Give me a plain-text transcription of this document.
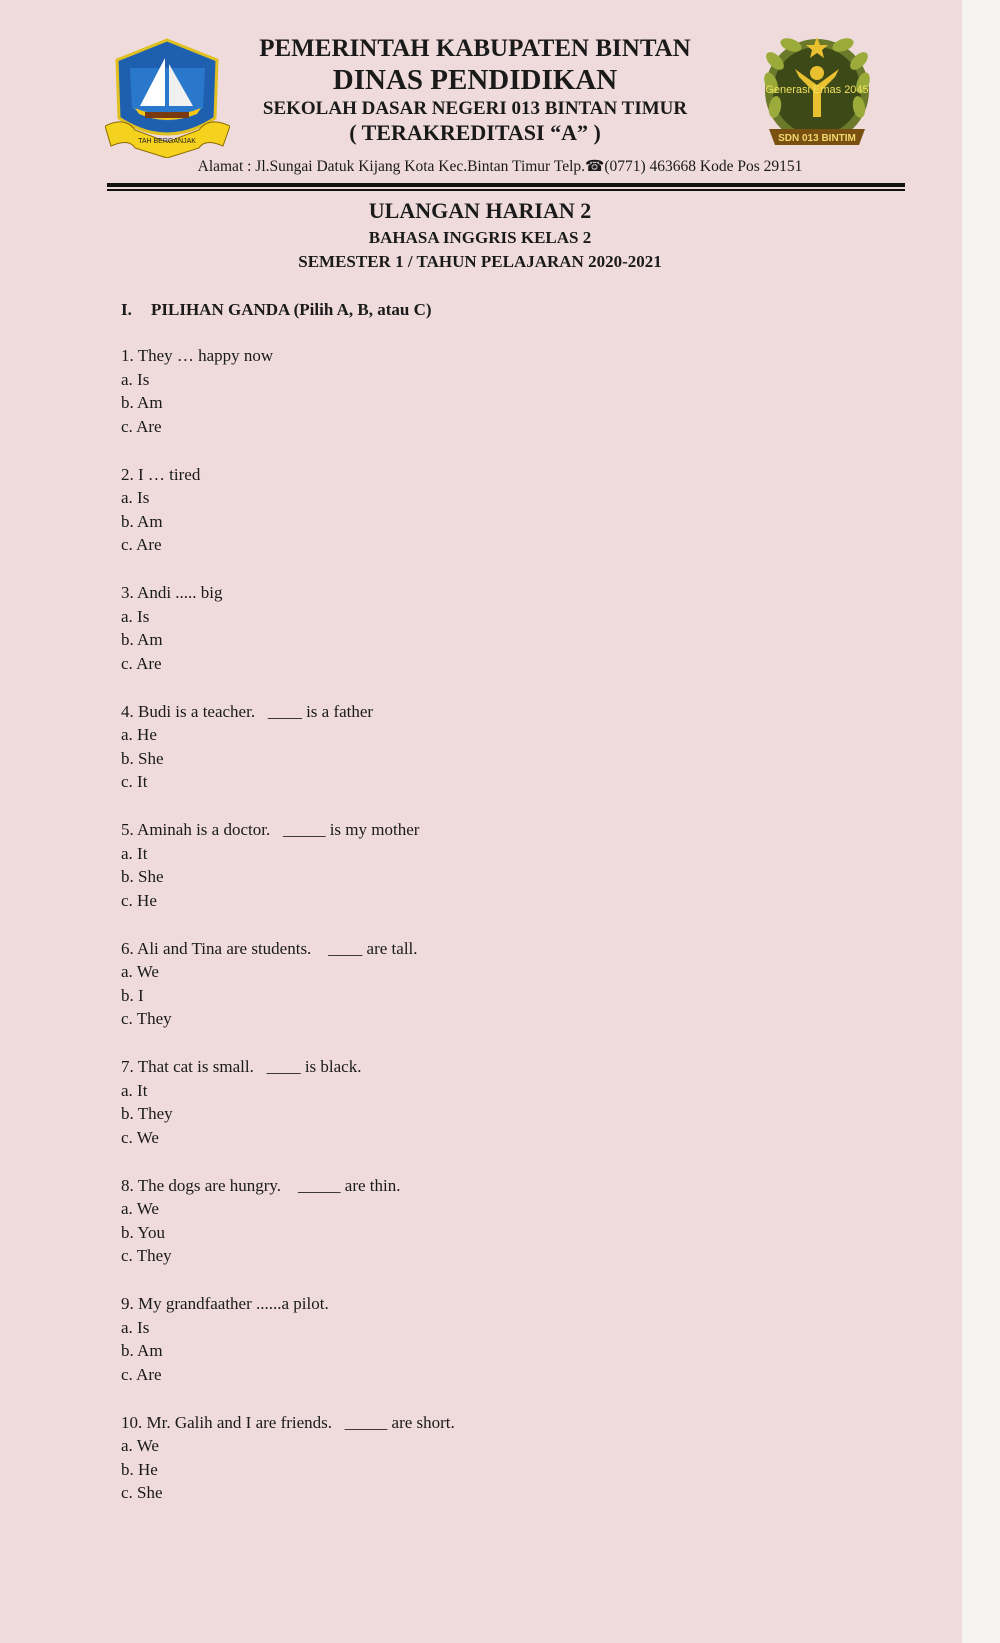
TAH BERGANJAK
PEMERINTAH KABUPATEN BINTAN
DINAS PENDIDIKAN
SEKOLAH DASAR NEGERI 013 BINTAN TIMUR
( TERAKREDITASI “A” )
Generasi Emas 2045
SDN 013 BINTIM
Alamat : Jl.Sungai Datuk Kijang Kota Kec.Bintan Timur Telp.☎(0771) 463668 Kode Pos 29151
ULANGAN HARIAN 2
BAHASA INGGRIS KELAS 2
SEMESTER 1 / TAHUN PELAJARAN 2020-2021
I. PILIHAN GANDA (Pilih A, B, atau C)
1. They … happy now
a. Is
b. Am
c. Are
2. I … tired
a. Is
b. Am
c. Are
3. Andi ..... big
a. Is
b. Am
c. Are
4. Budi is a teacher.   ____ is a father
a. He
b. She
c. It
5. Aminah is a doctor.   _____ is my mother
a. It
b. She
c. He
6. Ali and Tina are students.    ____ are tall.
a. We
b. I
c. They
7. That cat is small.   ____ is black.
a. It
b. They
c. We
8. The dogs are hungry.    _____ are thin.
a. We
b. You
c. They
9. My grandfaather ......a pilot.
a. Is
b. Am
c. Are
10. Mr. Galih and I are friends.   _____ are short.
a. We
b. He
c. She
